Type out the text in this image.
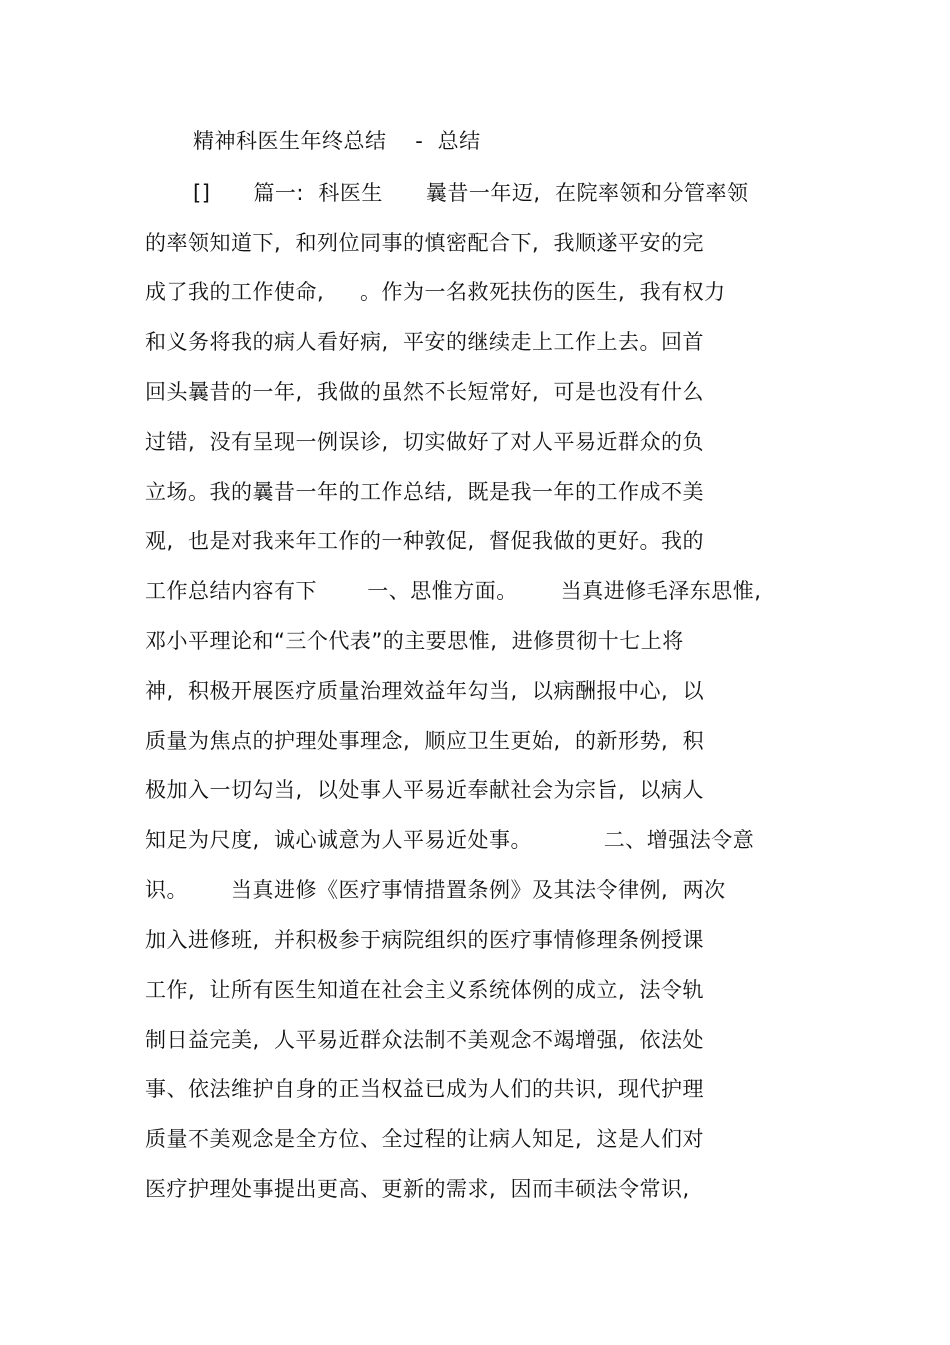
精神科医生年终总结    -  总结
[]      篇一:  科医生      曩昔一年迈,  在院率领和分管率领
的率领知道下,  和列位同事的慎密配合下,  我顺遂平安的完
成了我的工作使命,     。作为一名救死扶伤的医生,  我有权力
和义务将我的病人看好病,  平安的继续走上工作上去。回首
回头曩昔的一年,  我做的虽然不长短常好,  可是也没有什么
过错,  没有呈现一例误诊,  切实做好了对人平易近群众的负
立场。我的曩昔一年的工作总结,  既是我一年的工作成不美
观,  也是对我来年工作的一种敦促,  督促我做的更好。我的
工作总结内容有下       一、思惟方面。      当真进修毛泽东思惟,
邓小平理论和“三个代表”的主要思惟,  进修贯彻十七上将
神,  积极开展医疗质量治理效益年勾当,  以病酬报中心,  以
质量为焦点的护理处事理念,  顺应卫生更始,  的新形势,  积
极加入一切勾当,  以处事人平易近奉献社会为宗旨,  以病人
知足为尺度,  诚心诚意为人平易近处事。          二、增强法令意
识。      当真进修《医疗事情措置条例》及其法令律例,  两次
加入进修班,  并积极参于病院组织的医疗事情修理条例授课
工作,  让所有医生知道在社会主义系统体例的成立,  法令轨
制日益完美,  人平易近群众法制不美观念不竭增强,  依法处
事、依法维护自身的正当权益已成为人们的共识,  现代护理
质量不美观念是全方位、全过程的让病人知足,  这是人们对
医疗护理处事提出更高、更新的需求,  因而丰硕法令常识,
